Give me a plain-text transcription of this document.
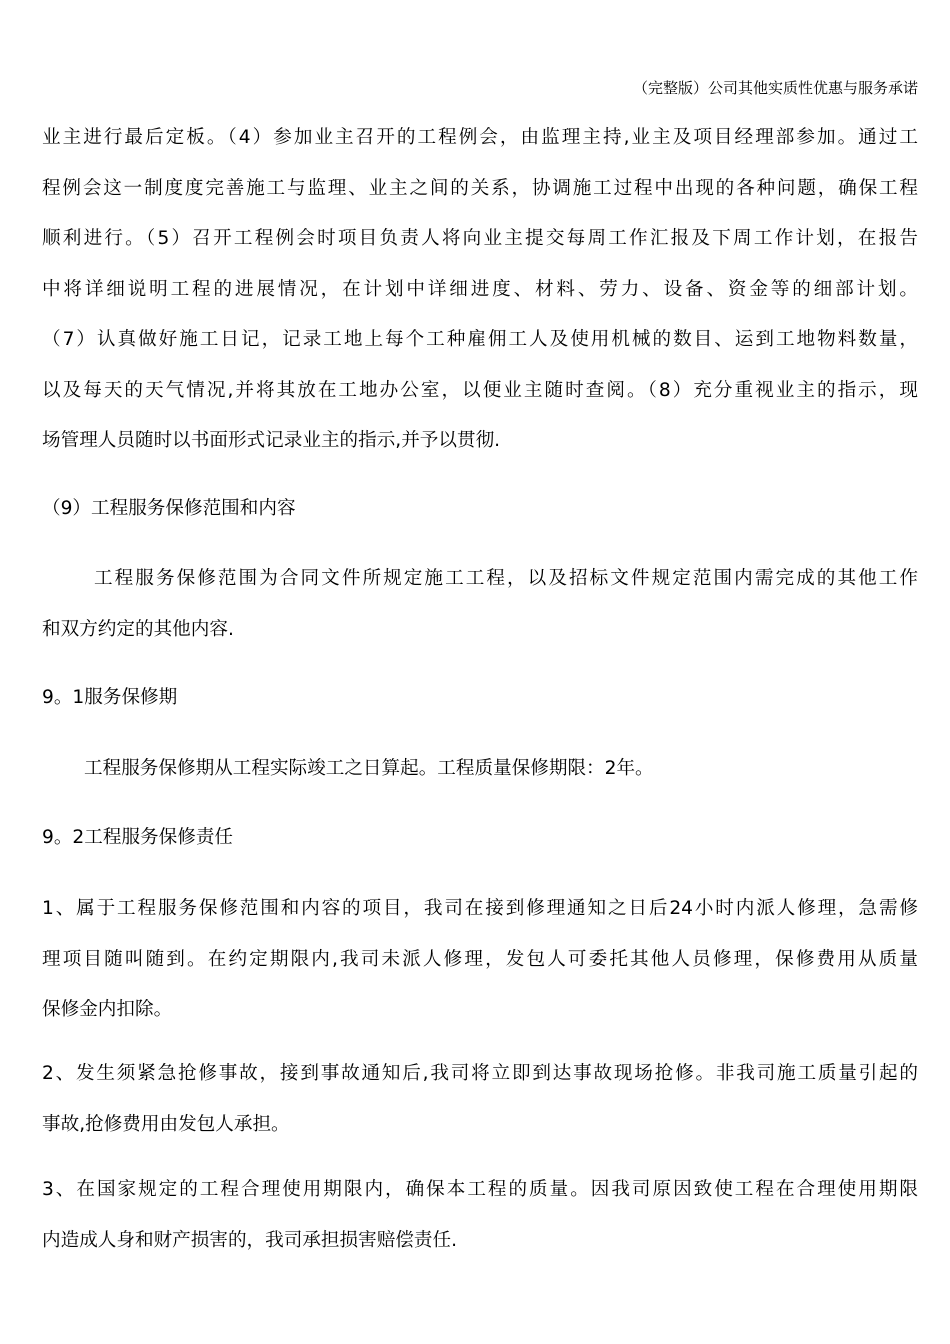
（完整版）公司其他实质性优惠与服务承诺
业主进行最后定板。（4）参加业主召开的工程例会，由监理主持,业主及项目经理部参加。通过工
程例会这一制度度完善施工与监理、业主之间的关系，协调施工过程中出现的各种问题，确保工程
顺利进行。（5）召开工程例会时项目负责人将向业主提交每周工作汇报及下周工作计划，在报告
中将详细说明工程的进展情况，在计划中详细进度、材料、劳力、设备、资金等的细部计划。
（7）认真做好施工日记，记录工地上每个工种雇佣工人及使用机械的数目、运到工地物料数量，
以及每天的天气情况,并将其放在工地办公室，以便业主随时查阅。（8）充分重视业主的指示，现
场管理人员随时以书面形式记录业主的指示,并予以贯彻.
（9）工程服务保修范围和内容
工程服务保修范围为合同文件所规定施工工程，以及招标文件规定范围内需完成的其他工作
和双方约定的其他内容.
9。1服务保修期
工程服务保修期从工程实际竣工之日算起。工程质量保修期限：2年。
9。2工程服务保修责任
1、属于工程服务保修范围和内容的项目，我司在接到修理通知之日后24小时内派人修理，急需修
理项目随叫随到。在约定期限内,我司未派人修理，发包人可委托其他人员修理，保修费用从质量
保修金内扣除。
2、发生须紧急抢修事故，接到事故通知后,我司将立即到达事故现场抢修。非我司施工质量引起的
事故,抢修费用由发包人承担。
3、在国家规定的工程合理使用期限内，确保本工程的质量。因我司原因致使工程在合理使用期限
内造成人身和财产损害的，我司承担损害赔偿责任.
